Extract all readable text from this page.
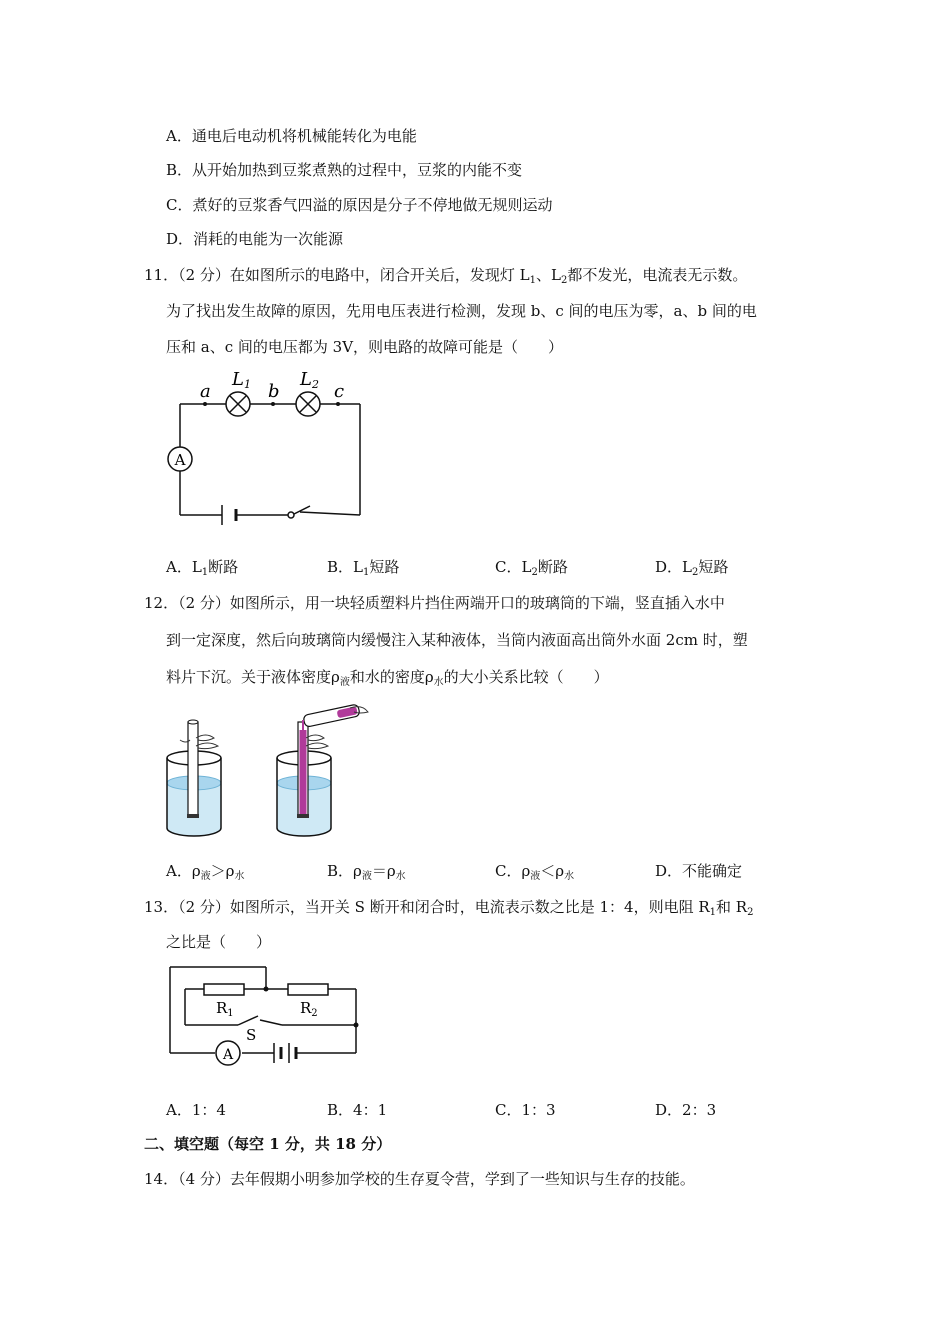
A．通电后电动机将机械能转化为电能
B．从开始加热到豆浆煮熟的过程中，豆浆的内能不变
C．煮好的豆浆香气四溢的原因是分子不停地做无规则运动
D．消耗的电能为一次能源
11．（2 分）在如图所示的电路中，闭合开关后，发现灯 $L_1$、$L_2$都不发光，电流表无示数。
为了找出发生故障的原因，先用电压表进行检测，发现 b、c 间的电压为零，a、b 间的电
压和 a、c 间的电压都为 3V，则电路的故障可能是（　　）
A
a	b	c
L1	L2
A．$L_1$断路	B．$L_1$短路	C．$L_2$断路	D．$L_2$短路
12．（2 分）如图所示，用一块轻质塑料片挡住两端开口的玻璃筒的下端，竖直插入水中
到一定深度，然后向玻璃筒内缓慢注入某种液体，当筒内液面高出筒外水面 2cm 时，塑
料片下沉。关于液体密度$\rho_液$和水的密度$\rho_水$的大小关系比较（　　）
A．$\rho_液>\rho_水$	B．$\rho_液=\rho_水$	C．$\rho_液<\rho_水$	D．不能确定
13．（2 分）如图所示，当开关 S 断开和闭合时，电流表示数之比是 1：4，则电阻 $R_1$和 $R_2$
之比是（　　）
A
$R_1$	$R_2$
S
A．1：4	B．4：1	C．1：3	D．2：3
二、填空题（每空 1 分，共 18 分）
14．（4 分）去年假期小明参加学校的生存夏令营，学到了一些知识与生存的技能。
